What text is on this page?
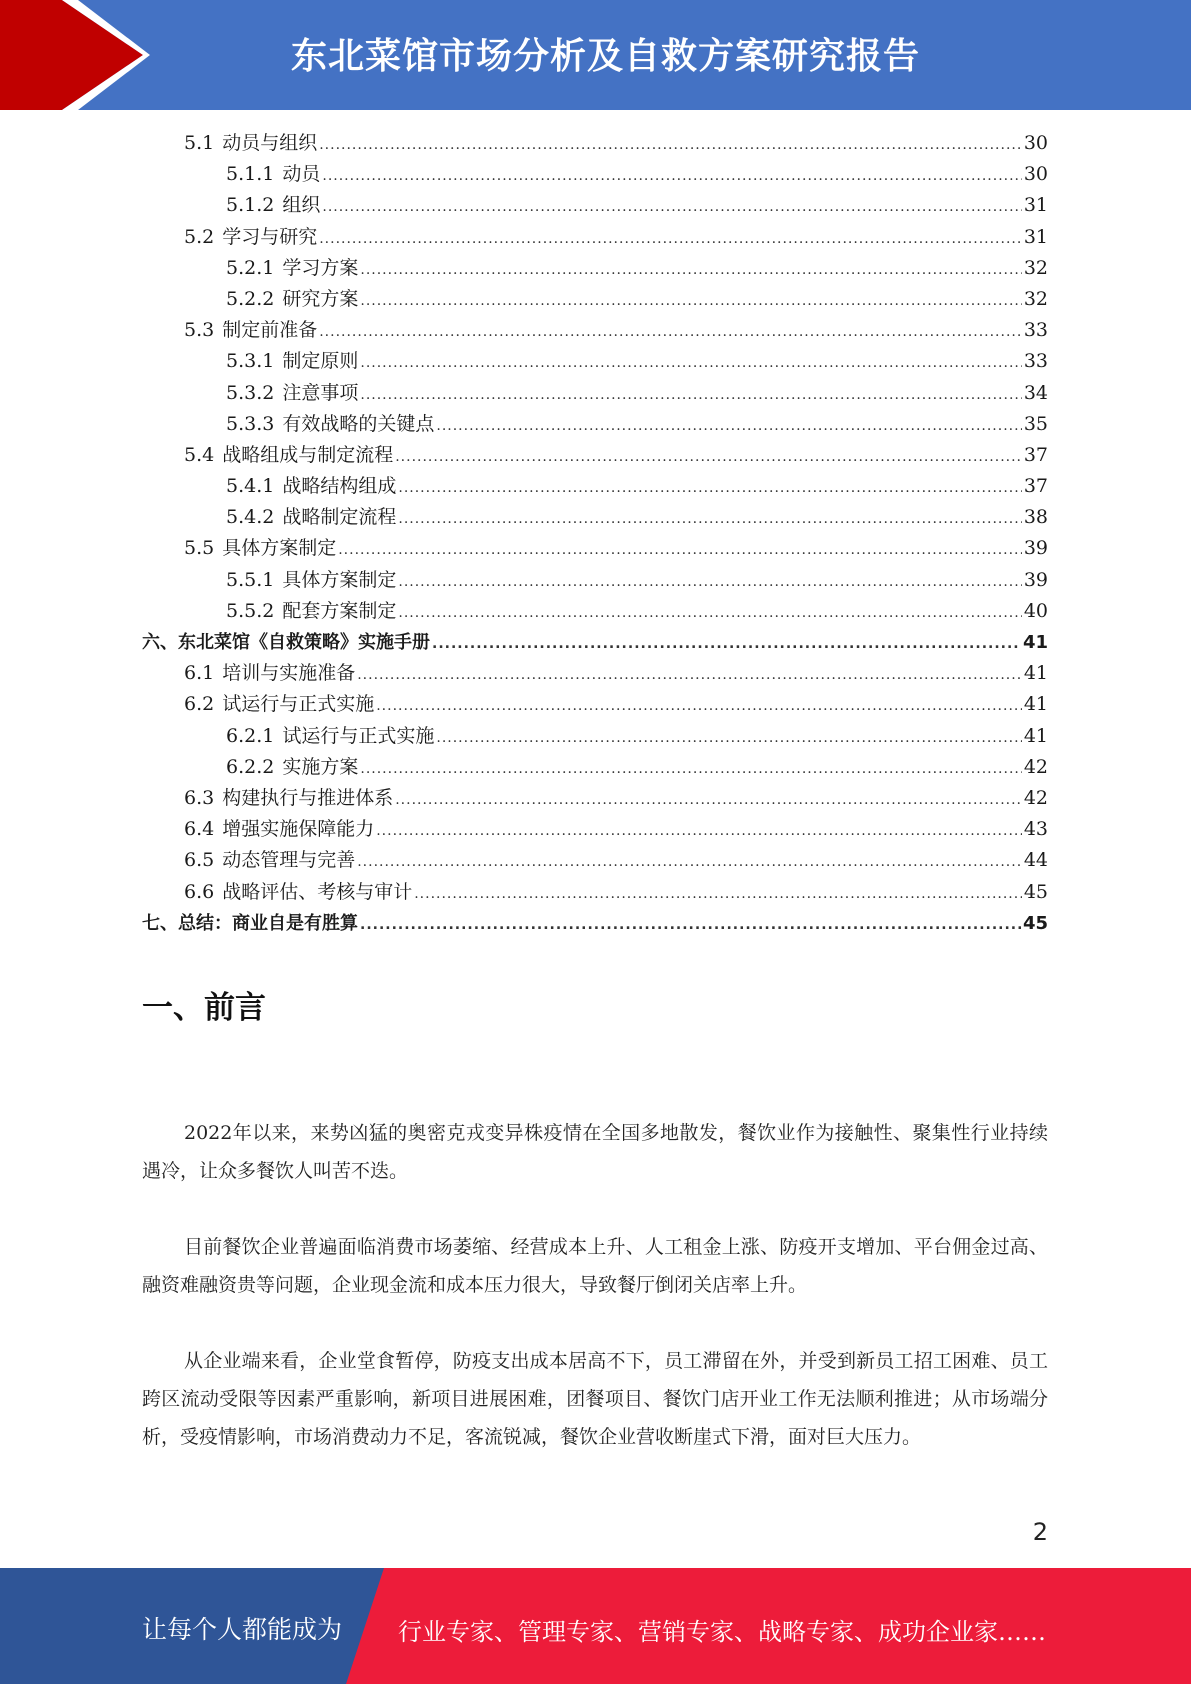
东北菜馆市场分析及自救方案研究报告
5.1 动员与组织 .....	30
5.1.1 动员 .....	30
5.1.2 组织 .....	31
5.2 学习与研究 .....	31
5.2.1 学习方案 .....	32
5.2.2 研究方案 .....	32
5.3 制定前准备 .....	33
5.3.1 制定原则 .....	33
5.3.2 注意事项 .....	34
5.3.3 有效战略的关键点 .....	35
5.4 战略组成与制定流程 .....	37
5.4.1 战略结构组成 .....	37
5.4.2 战略制定流程 .....	38
5.5 具体方案制定 .....	39
5.5.1 具体方案制定 .....	39
5.5.2 配套方案制定 .....	40
六、东北菜馆《自救策略》实施手册 .....	41
6.1 培训与实施准备 .....	41
6.2 试运行与正式实施 .....	41
6.2.1 试运行与正式实施 .....	41
6.2.2 实施方案 .....	42
6.3 构建执行与推进体系 .....	42
6.4 增强实施保障能力 .....	43
6.5 动态管理与完善 .....	44
6.6 战略评估、考核与审计 .....	45
七、总结：商业自是有胜算 .....	45
一、前言
2022年以来，来势凶猛的奥密克戎变异株疫情在全国多地散发，餐饮业作为接触性、聚集性行业持续遇冷，让众多餐饮人叫苦不迭。
目前餐饮企业普遍面临消费市场萎缩、经营成本上升、人工租金上涨、防疫开支增加、平台佣金过高、融资难融资贵等问题，企业现金流和成本压力很大，导致餐厅倒闭关店率上升。
从企业端来看，企业堂食暂停，防疫支出成本居高不下，员工滞留在外，并受到新员工招工困难、员工跨区流动受限等因素严重影响，新项目进展困难，团餐项目、餐饮门店开业工作无法顺利推进；从市场端分析，受疫情影响，市场消费动力不足，客流锐减，餐饮企业营收断崖式下滑，面对巨大压力。
2
让每个人都能成为 行业专家、管理专家、营销专家、战略专家、成功企业家……
